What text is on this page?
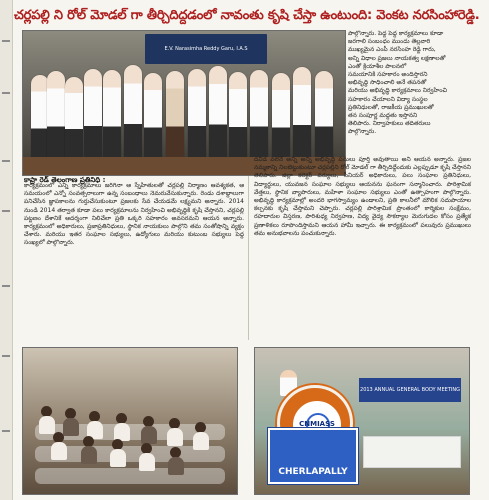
చర్లపల్లి ని రోల్ మోడల్ గా తీర్చిదిద్దడంలో నావంతు కృషి చేస్తా ఉంటుంది: వెంకట నరసింహారెడ్డి.
E.V. Narasimha Reddy Garu, I.A.S
పాల్గొన్నారు. పెద్ద పెద్ద కార్యక్రమాలు కూడా
జరగాలి సంబంధం ముందు తెల్లవారి
ముఖ్యమైన ఎంపీ నరసింహ రెడ్డి గారు,
అన్ని విధాల ప్రజలు నాయకత్వ లక్షణాలతో
ఎంతో క్రియాశీల పాలనలో
సమయానికి సహకారం అందిస్తారని
అభివృద్ధి సాధించాలి అనే తపనతో
మరియు అభివృద్ధి కార్యక్రమాలు నిర్వహించి
సహకారం చేయాలని విద్యా సంస్థల
ప్రతినిధులతో, రాజకీయ ప్రముఖులతో
తన సంపూర్ణ మద్దతు ఇస్తానని
తెలిపారు. నిర్వాహకులు తదితరులు
పాల్గొన్నారు.
కాప్రా రెడ్ తెలంగాణ ప్రతినిధి :
కార్యక్రమంలో ఎన్ని కార్యక్రమాలు జరిగినా ఆ స్నేహితులతో చర్లపల్లి నిర్మాణం ఆవశ్యకత, ఆ సమయంలో ఎన్నో సంవత్సరాలుగా ఉన్న సంబంధాలు నెమరువేసుకున్నారు. రెండు దశాబ్దాలుగా పనిచేసిన జ్ఞాపకాలను గుర్తుచేసుకుంటూ ప్రజలకు సేవ చేయడమే లక్ష్యమని అన్నారు. 2014 నుండి 2014 తర్వాత కూడా పలు కార్యక్రమాలను నిర్వహించి అభివృద్ధికి కృషి చేస్తానని, చర్లపల్లి పట్టణం దేశానికే ఆదర్శంగా నిలిచేలా ప్రతి ఒక్కరి సహకారం అవసరమని ఆయన అన్నారు. కార్యక్రమంలో అధికారులు, ప్రజాప్రతినిధులు, స్థానిక నాయకులు పాల్గొని తమ సంతోషాన్ని వ్యక్తం చేశారు. మరియు ఇతర సంఘాల సభ్యులు, ఉద్యోగులు మరియు కుటుంబ సభ్యులు పెద్ద సంఖ్యలో పాల్గొన్నారు.
దవిడ వలెనే అన్ని అన్ని అభివృద్ధి పనులు పూర్తి అవుతాయి అని ఆయన అన్నారు. ప్రజల నమ్మకాన్ని నిలబెట్టుకుంటూ చర్లపల్లిని రోల్ మోడల్ గా తీర్చిదిద్దేందుకు ఎల్లప్పుడూ కృషి చేస్తానని తెలిపారు. జిల్లా కలెక్టర్ వర్యులు, సీనియర్ అధికారులు, పలు సంఘాల ప్రతినిధులు, విద్యార్థులు, యువజన సంఘాల సభ్యులు ఆయనను ఘనంగా సన్మానించారు. పారిశ్రామిక వేత్తలు, స్థానిక వ్యాపారులు, మహిళా సంఘాల సభ్యులు ఎంతో ఉత్సాహంగా పాల్గొన్నారు. అభివృద్ధి కార్యక్రమాల్లో అందరి భాగస్వామ్యం ఉండాలని, ప్రతి కాలనీలో మౌలిక సదుపాయాల కల్పనకు కృషి చేస్తామని చెప్పారు. చర్లపల్లి పారిశ్రామిక ప్రాంతంలో కార్మికుల సంక్షేమం, రహదారుల విస్తరణ, పారిశుధ్య నిర్వహణ, విద్య వైద్య సౌకర్యాల మెరుగుదల కోసం ప్రత్యేక ప్రణాళికలు రూపొందిస్తామని ఆయన హామీ ఇచ్చారు. ఈ కార్యక్రమంలో పలువురు ప్రముఖులు తమ అనుభవాలను పంచుకున్నారు.
CNMIASS
CHERLAPALLY
2013 ANNUAL GENERAL BODY MEETING
